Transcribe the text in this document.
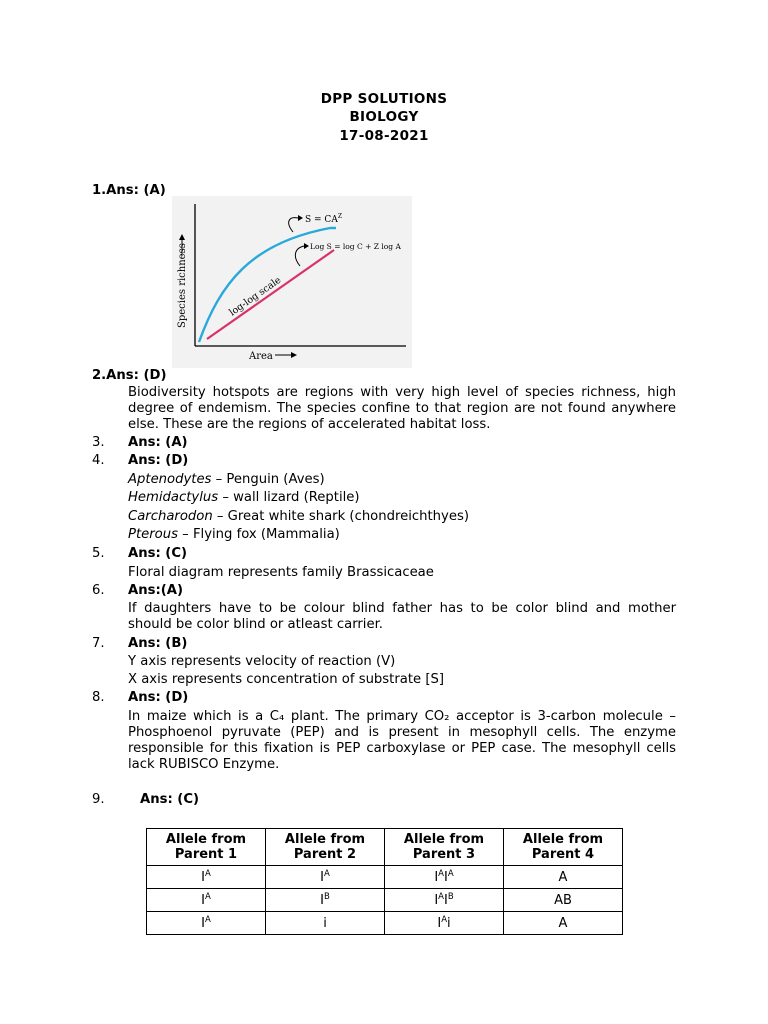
DPP SOLUTIONS
BIOLOGY
17-08-2021
1.Ans: (A)
$S = CA^Z$
Log S = log C + Z log A
log-log scale
Species richness
Area
2.Ans: (D)
Biodiversity hotspots are regions with very high level of species richness, high degree of endemism. The species confine to that region are not found anywhere else. These are the regions of accelerated habitat loss.
3. Ans: (A)
4. Ans: (D)
Aptenodytes – Penguin (Aves)
Hemidactylus – wall lizard (Reptile)
Carcharodon – Great white shark (chondreichthyes)
Pterous – Flying fox (Mammalia)
5. Ans: (C)
Floral diagram represents family Brassicaceae
6. Ans:(A)
If daughters have to be colour blind father has to be color blind and mother should be color blind or atleast carrier.
7. Ans: (B)
Y axis represents velocity of reaction (V)
X axis represents concentration of substrate [S]
8. Ans: (D)
In maize which is a C₄ plant. The primary CO₂ acceptor is 3-carbon molecule – Phosphoenol pyruvate (PEP) and is present in mesophyll cells. The enzyme responsible for this fixation is PEP carboxylase or PEP case. The mesophyll cells lack RUBISCO Enzyme.
9.	Ans: (C)
Allele from Parent 1	Allele from Parent 2	Allele from Parent 3	Allele from Parent 4
$I^A$	$I^A$	$I^AI^A$	A
$I^A$	$I^B$	$I^AI^B$	AB
$I^A$	i	$I^Ai$	A
